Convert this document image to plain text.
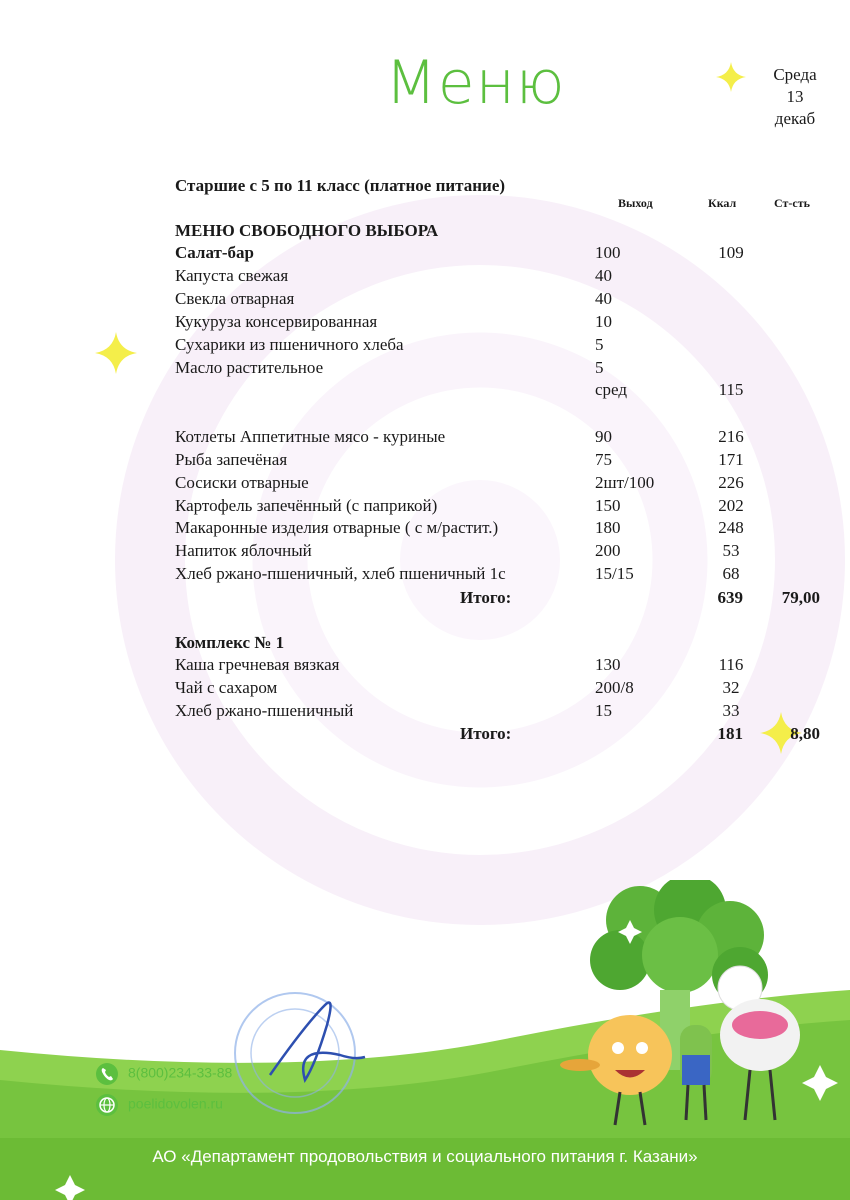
Меню	Среда
13
декаб
Старшие с 5 по 11 класс (платное питание)
Выход	Ккал	Ст-сть
МЕНЮ СВОБОДНОГО ВЫБОРА
Салат-бар	100	109
Капуста свежая	40
Свекла отварная	40
Кукуруза консервированная	10
Сухарики из пшеничного хлеба	5
Масло растительное	5
сред	115
Котлеты Аппетитные мясо - куриные	90	216
Рыба запечёная	75	171
Сосиски отварные	2шт/100	226
Картофель запечённый (с паприкой)	150	202
Макаронные изделия отварные ( с м/растит.)	180	248
Напиток яблочный	200	53
Хлеб ржано-пшеничный, хлеб пшеничный 1с	15/15	68
Итого:	639 79,00
Комплекс № 1
Каша гречневая вязкая	130	116
Чай с сахаром	200/8	32
Хлеб ржано-пшеничный	15	33
Итого:	181	8,80
8(800)234-33-88
poelidovolen.ru
АО «Департамент продовольствия и социального питания г. Казани»
